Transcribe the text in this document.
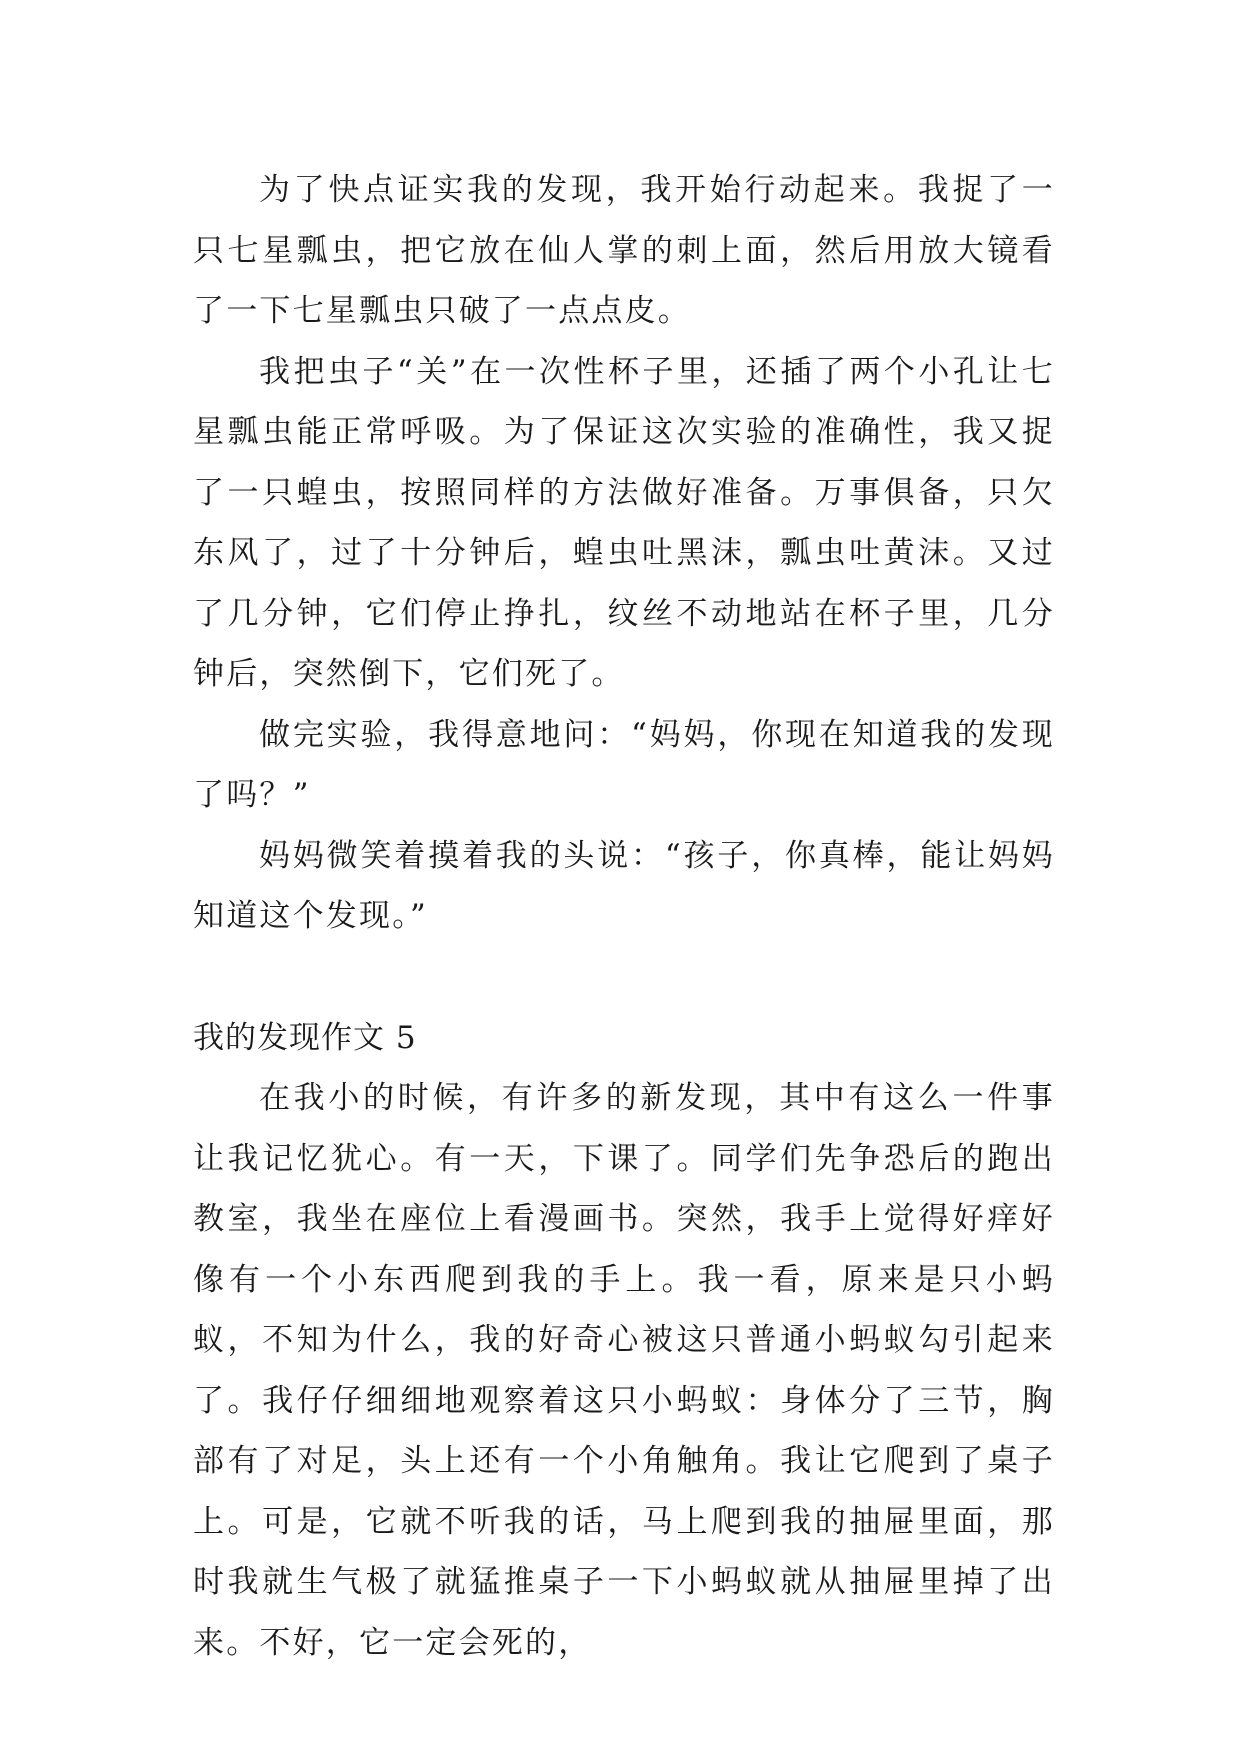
为了快点证实我的发现，我开始行动起来。我捉了一只七星瓢虫，把它放在仙人掌的刺上面，然后用放大镜看了一下七星瓢虫只破了一点点皮。

我把虫子“关”在一次性杯子里，还插了两个小孔让七星瓢虫能正常呼吸。为了保证这次实验的准确性，我又捉了一只蝗虫，按照同样的方法做好准备。万事俱备，只欠东风了，过了十分钟后，蝗虫吐黑沫，瓢虫吐黄沫。又过了几分钟，它们停止挣扎，纹丝不动地站在杯子里，几分钟后，突然倒下，它们死了。

做完实验，我得意地问：“妈妈，你现在知道我的发现了吗？”

妈妈微笑着摸着我的头说：“孩子，你真棒，能让妈妈知道这个发现。”

我的发现作文 5

在我小的时候，有许多的新发现，其中有这么一件事让我记忆犹心。有一天，下课了。同学们先争恐后的跑出教室，我坐在座位上看漫画书。突然，我手上觉得好痒好像有一个小东西爬到我的手上。我一看，原来是只小蚂蚁，不知为什么，我的好奇心被这只普通小蚂蚁勾引起来了。我仔仔细细地观察着这只小蚂蚁：身体分了三节，胸部有了对足，头上还有一个小角触角。我让它爬到了桌子上。可是，它就不听我的话，马上爬到我的抽屉里面，那时我就生气极了就猛推桌子一下小蚂蚁就从抽屉里掉了出来。不好，它一定会死的，
